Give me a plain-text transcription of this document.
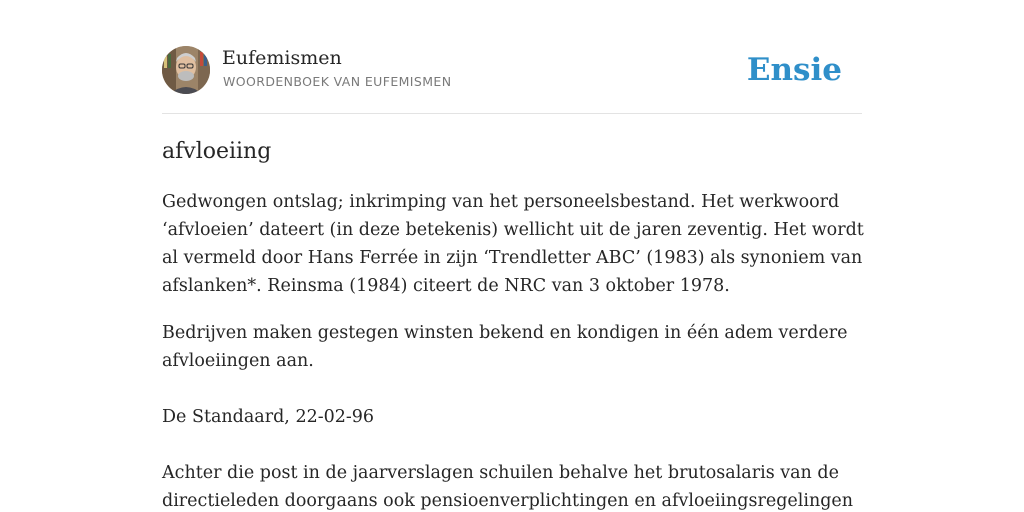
Eufemismen
WOORDENBOEK VAN EUFEMISMEN	Ensie
afvloeiing

Gedwongen ontslag; inkrimping van het personeelsbestand. Het werkwoord ‘afvloeien’ dateert (in deze betekenis) wellicht uit de jaren zeventig. Het wordt al vermeld door Hans Ferrée in zijn ‘Trendletter ABC’ (1983) als synoniem van afslanken*. Reinsma (1984) citeert de NRC van 3 oktober 1978.

Bedrijven maken gestegen winsten bekend en kondigen in één adem verdere afvloeiingen aan.

De Standaard, 22-02-96

Achter die post in de jaarverslagen schuilen behalve het brutosalaris van de directieleden doorgaans ook pensioenverplichtingen en afvloeiingsregelingen
